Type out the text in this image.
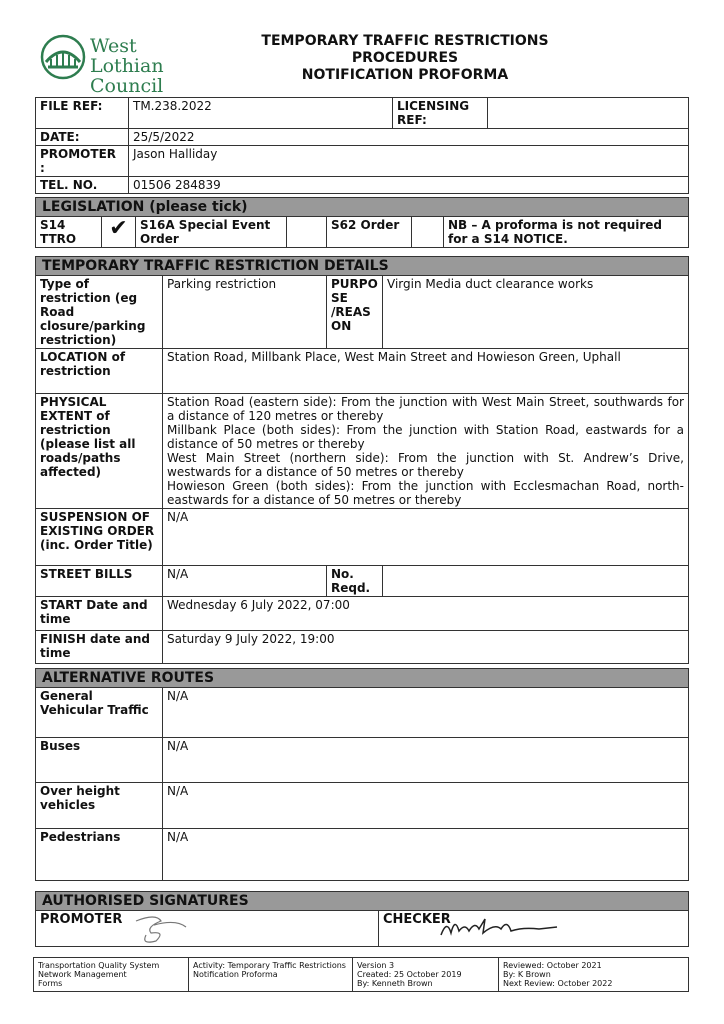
West Lothian
Council
TEMPORARY TRAFFIC RESTRICTIONS
PROCEDURES
NOTIFICATION PROFORMA
FILE REF:	TM.238.2022	LICENSING REF:	
DATE:	25/5/2022		
PROMOTER :	Jason Halliday		
TEL. NO.	01506 284839		
LEGISLATION (please tick)
S14 TTRO	✔	S16A Special Event Order		S62 Order		NB – A proforma is not required for a S14 NOTICE.
TEMPORARY TRAFFIC RESTRICTION DETAILS			
Type of restriction (eg Road closure/parking restriction)	Parking restriction	PURPO SE /REAS ON	Virgin Media duct clearance works
LOCATION of restriction	Station Road, Millbank Place, West Main Street and Howieson Green, Uphall		
PHYSICAL EXTENT of restriction (please list all roads/paths affected)	Station Road (eastern side): From the junction with West Main Street, southwards for a distance of 120 metres or thereby
Millbank Place (both sides): From the junction with Station Road, eastwards for a distance of 50 metres or thereby
West Main Street (northern side): From the junction with St. Andrew’s Drive, westwards for a distance of 50 metres or thereby
Howieson Green (both sides): From the junction with Ecclesmachan Road, north-eastwards for a distance of 50 metres or thereby		

SUSPENSION OF EXISTING ORDER (inc. Order Title)	N/A		
STREET BILLS	N/A	No. Reqd.	
START Date and time	Wednesday 6 July 2022, 07:00		
FINISH date and time	Saturday 9 July 2022, 19:00		
ALTERNATIVE ROUTES	
General Vehicular Traffic	N/A
Buses	N/A
Over height vehicles	N/A
Pedestrians	N/A
AUTHORISED SIGNATURES
PROMOTER	CHECKER
Transportation Quality System
Network Management
Forms

Activity: Temporary Traffic Restrictions
Notification Proforma

Version 3
Created: 25 October 2019
By: Kenneth Brown

Reviewed: October 2021
By: K Brown
Next Review: October 2022
